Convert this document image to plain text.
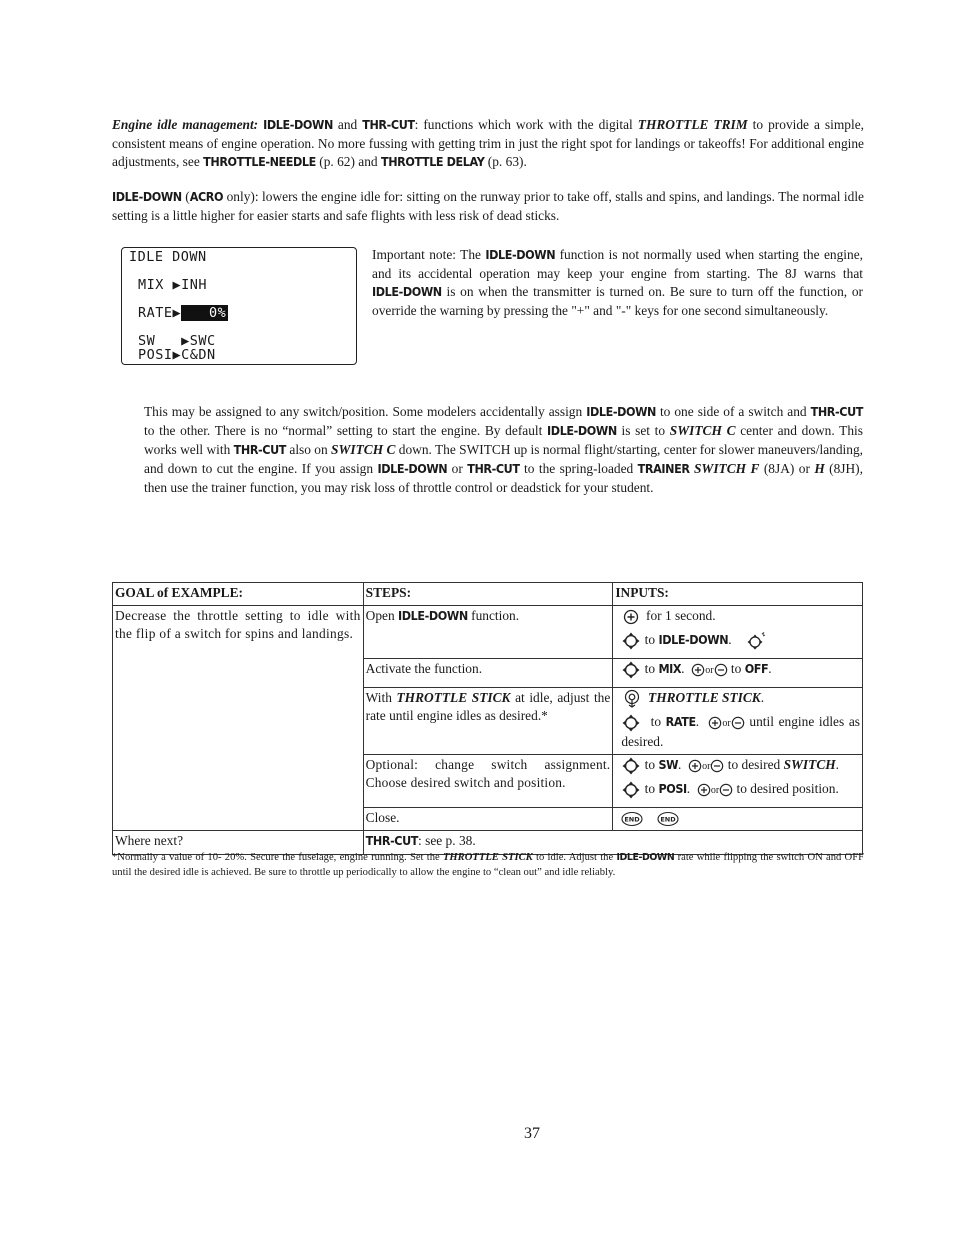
Engine idle management: IDLE-DOWN and THR-CUT: functions which work with the digital THROTTLE TRIM to provide a simple, consistent means of engine operation. No more fussing with getting trim in just the right spot for landings or takeoffs! For additional engine adjustments, see THROTTLE-NEEDLE (p. 62) and THROTTLE DELAY (p. 63).
IDLE-DOWN (ACRO only): lowers the engine idle for: sitting on the runway prior to take off, stalls and spins, and landings. The normal idle setting is a little higher for easier starts and safe flights with less risk of dead sticks.
IDLE DOWN
MIX ▶INH
RATE▶ 0%
SW ▶SWC
POSI▶C&DN
Important note: The IDLE-DOWN function is not normally used when starting the engine, and its accidental operation may keep your engine from starting. The 8J warns that IDLE-DOWN is on when the transmitter is turned on. Be sure to turn off the function, or override the warning by pressing the "+" and "-" keys for one second simultaneously.
This may be assigned to any switch/position. Some modelers accidentally assign IDLE-DOWN to one side of a switch and THR-CUT to the other. There is no “normal” setting to start the engine. By default IDLE-DOWN is set to SWITCH C center and down. This works well with THR-CUT also on SWITCH C down. The SWITCH up is normal flight/starting, center for slower maneuvers/landing, and down to cut the engine. If you assign IDLE-DOWN or THR-CUT to the spring-loaded TRAINER SWITCH F (8JA) or H (8JH), then use the trainer function, you may risk loss of throttle control or deadstick for your student.
GOAL of EXAMPLE:	STEPS:	INPUTS:
Decrease the throttle setting to idle with the flip of a switch for spins and landings.	Open IDLE-DOWN function.	for 1 second.
to IDLE-DOWN.

	Activate the function.	to MIX.  or to OFF.

	With THROTTLE STICK at idle, adjust the rate until engine idles as desired.*	THROTTLE STICK.
to RATE.  or until engine idles as desired.

	Optional: change switch assignment. Choose desired switch and position.	to SW.  or to desired SWITCH.
to POSI.  or to desired position.

	Close.	END
END

Where next?	THR-CUT: see p. 38.	
*Normally a value of 10- 20%. Secure the fuselage, engine running. Set the THROTTLE STICK to idle. Adjust the IDLE-DOWN rate while flipping the switch ON and OFF until the desired idle is achieved. Be sure to throttle up periodically to allow the engine to “clean out” and idle reliably.
37
